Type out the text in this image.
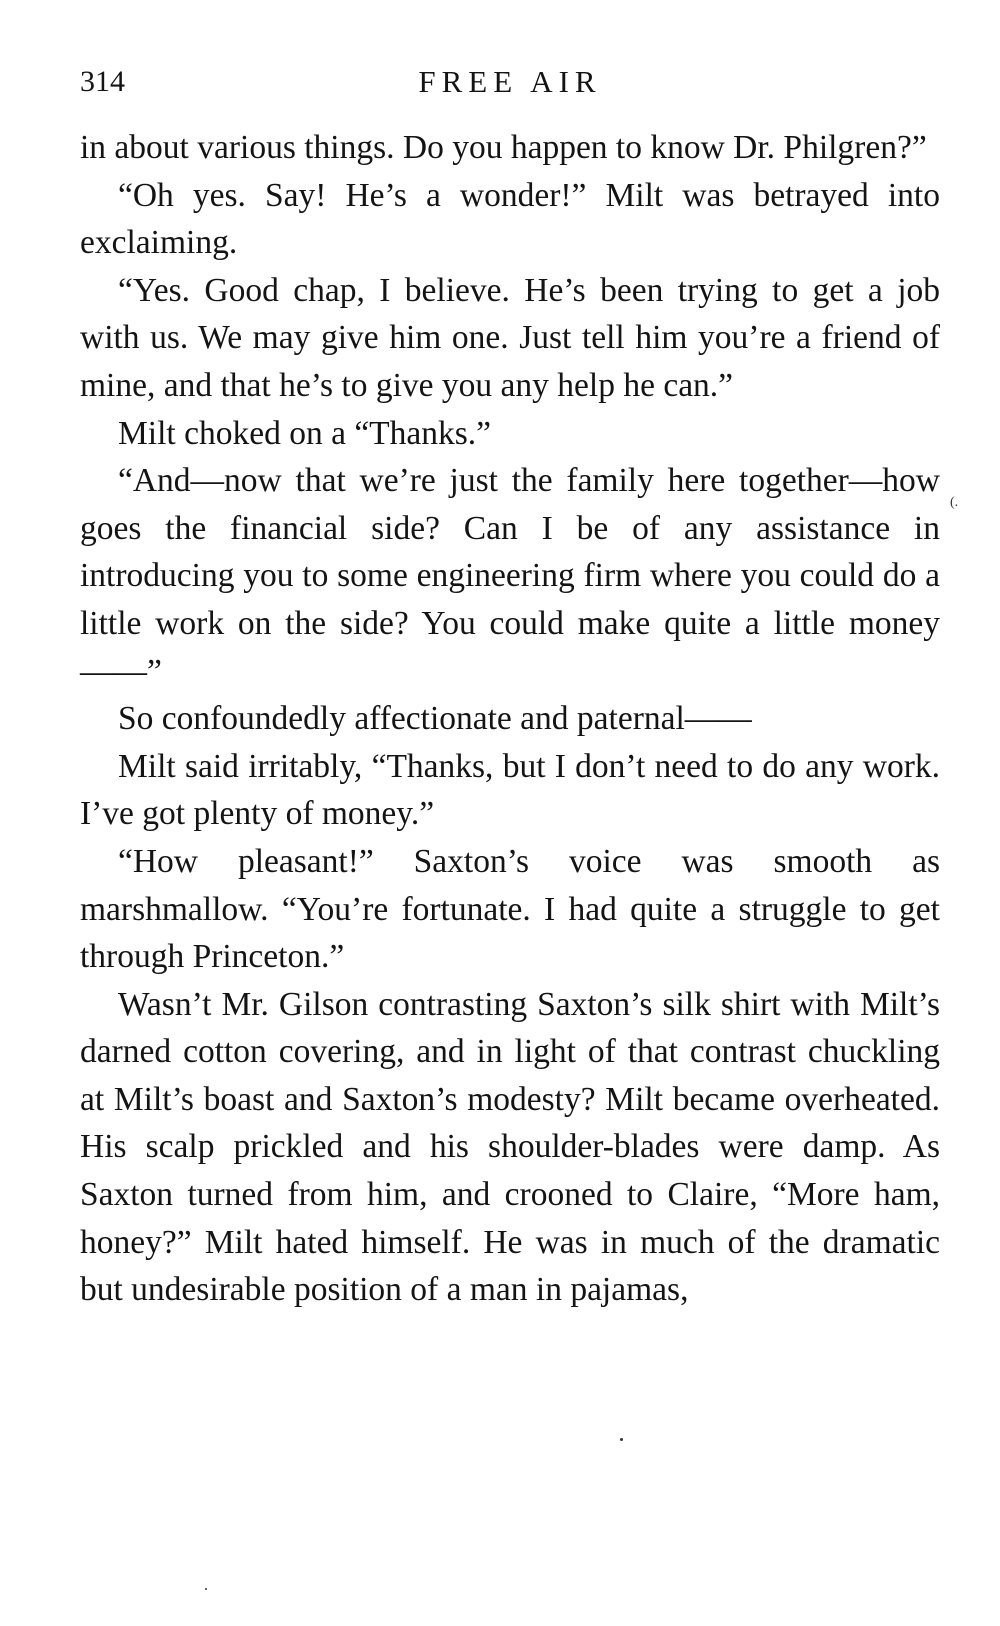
314	FREE AIR

in about various things. Do you happen to know Dr. Philgren?”

“Oh yes. Say! He’s a wonder!” Milt was betrayed into exclaiming.

“Yes. Good chap, I believe. He’s been trying to get a job with us. We may give him one. Just tell him you’re a friend of mine, and that he’s to give you any help he can.”

Milt choked on a “Thanks.”

“And—now that we’re just the family here together—how goes the financial side? Can I be of any assistance in introducing you to some engineering firm where you could do a little work on the side? You could make quite a little money——”

So confoundedly affectionate and paternal——

Milt said irritably, “Thanks, but I don’t need to do any work. I’ve got plenty of money.”

“How pleasant!” Saxton’s voice was smooth as marshmallow. “You’re fortunate. I had quite a struggle to get through Princeton.”

Wasn’t Mr. Gilson contrasting Saxton’s silk shirt with Milt’s darned cotton covering, and in light of that contrast chuckling at Milt’s boast and Saxton’s modesty? Milt became overheated. His scalp prickled and his shoulder-blades were damp. As Saxton turned from him, and crooned to Claire, “More ham, honey?” Milt hated himself. He was in much of the dramatic but undesirable position of a man in pajamas,

(.
